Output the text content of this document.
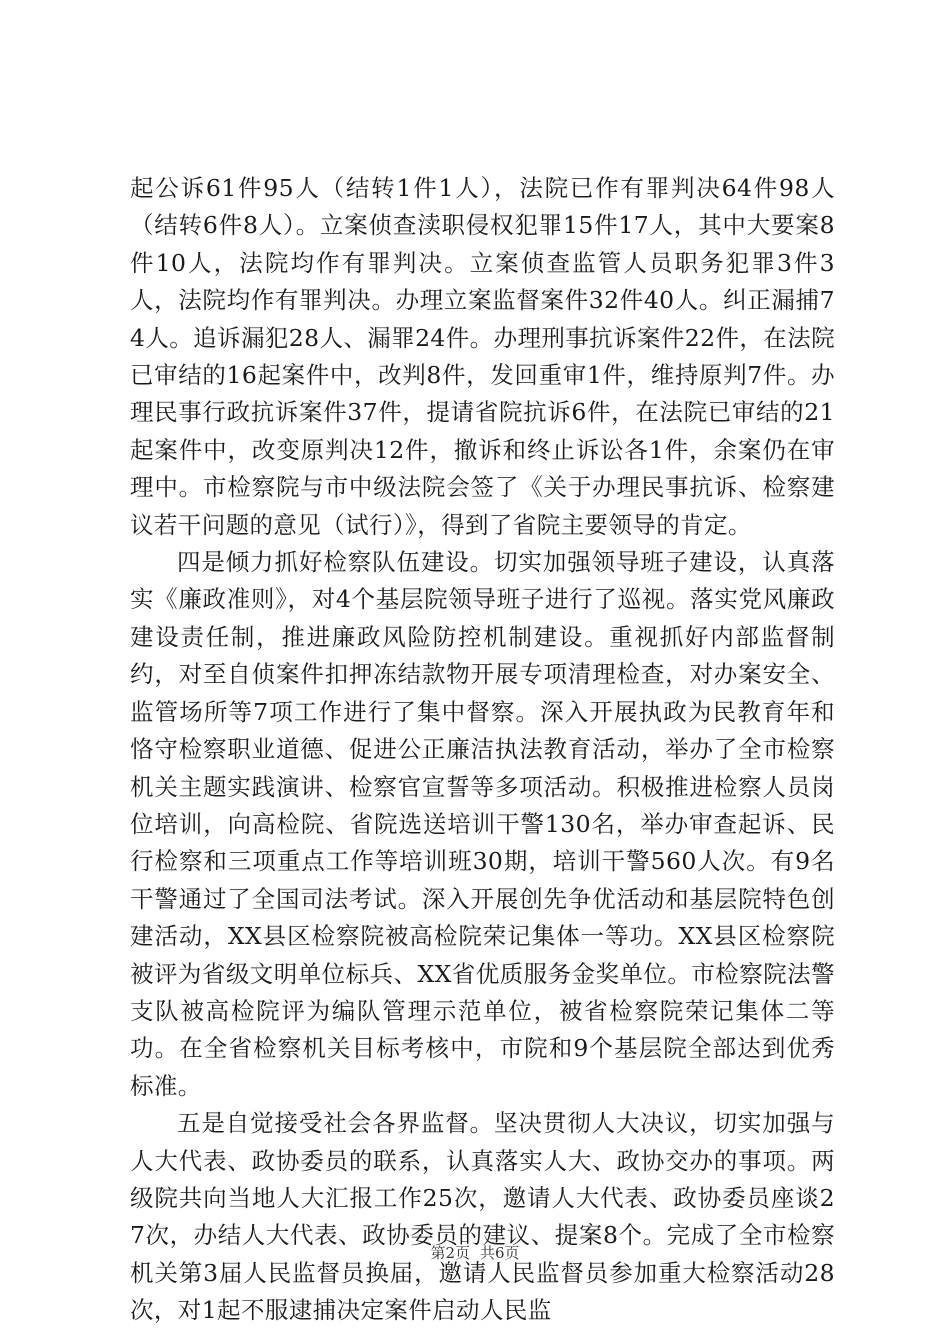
起公诉61件95人（结转1件1人），法院已作有罪判决64件98人（结转6件8人）。立案侦查渎职侵权犯罪15件17人，其中大要案8件10人，法院均作有罪判决。立案侦查监管人员职务犯罪3件3人，法院均作有罪判决。办理立案监督案件32件40人。纠正漏捕74人。追诉漏犯28人、漏罪24件。办理刑事抗诉案件22件，在法院已审结的16起案件中，改判8件，发回重审1件，维持原判7件。办理民事行政抗诉案件37件，提请省院抗诉6件，在法院已审结的21起案件中，改变原判决12件，撤诉和终止诉讼各1件，余案仍在审理中。市检察院与市中级法院会签了《关于办理民事抗诉、检察建议若干问题的意见（试行）》，得到了省院主要领导的肯定。

四是倾力抓好检察队伍建设。切实加强领导班子建设，认真落实《廉政准则》，对4个基层院领导班子进行了巡视。落实党风廉政建设责任制，推进廉政风险防控机制建设。重视抓好内部监督制约，对至自侦案件扣押冻结款物开展专项清理检查，对办案安全、监管场所等7项工作进行了集中督察。深入开展执政为民教育年和恪守检察职业道德、促进公正廉洁执法教育活动，举办了全市检察机关主题实践演讲、检察官宣誓等多项活动。积极推进检察人员岗位培训，向高检院、省院选送培训干警130名，举办审查起诉、民行检察和三项重点工作等培训班30期，培训干警560人次。有9名干警通过了全国司法考试。深入开展创先争优活动和基层院特色创建活动，XX县区检察院被高检院荣记集体一等功。XX县区检察院被评为省级文明单位标兵、XX省优质服务金奖单位。市检察院法警支队被高检院评为编队管理示范单位，被省检察院荣记集体二等功。在全省检察机关目标考核中，市院和9个基层院全部达到优秀标准。

五是自觉接受社会各界监督。坚决贯彻人大决议，切实加强与人大代表、政协委员的联系，认真落实人大、政协交办的事项。两级院共向当地人大汇报工作25次，邀请人大代表、政协委员座谈27次，办结人大代表、政协委员的建议、提案8个。完成了全市检察机关第3届人民监督员换届，邀请人民监督员参加重大检察活动28次，对1起不服逮捕决定案件启动人民监

第2页 共6页
